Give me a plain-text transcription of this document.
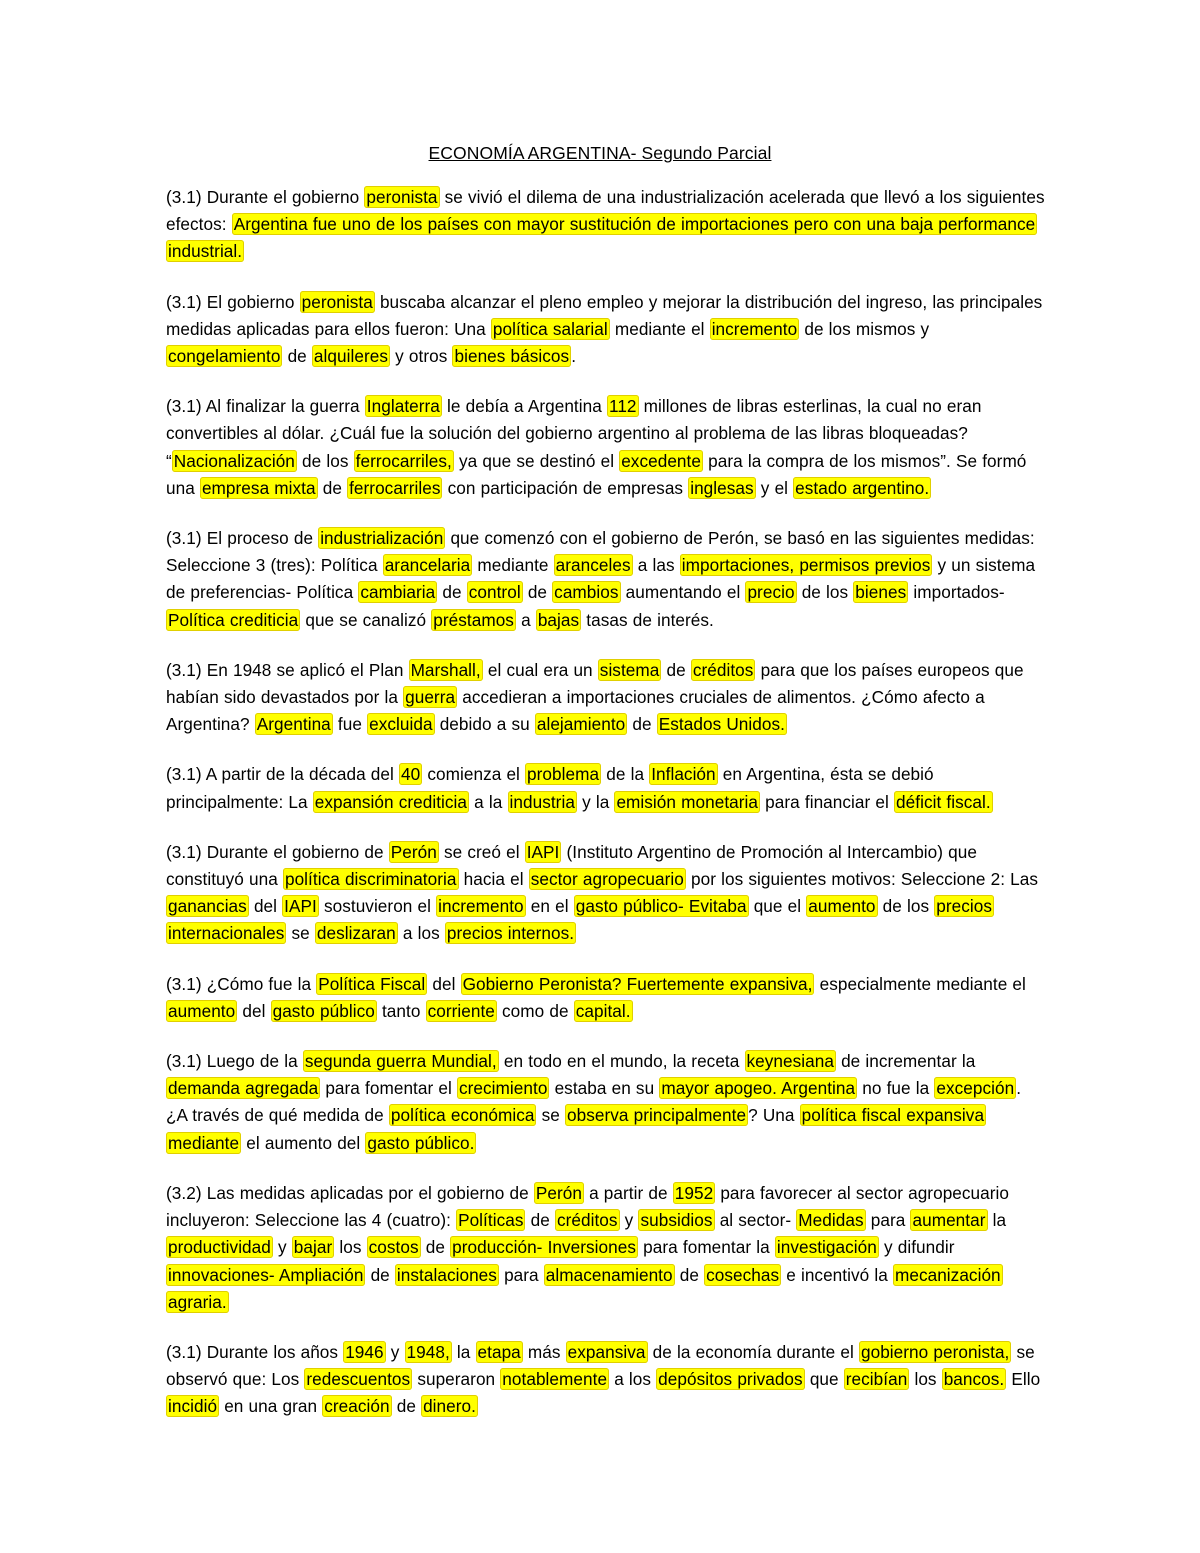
ECONOMÍA ARGENTINA- Segundo Parcial

(3.1) Durante el gobierno peronista se vivió el dilema de una industrialización acelerada que llevó a los siguientes efectos: Argentina fue uno de los países con mayor sustitución de importaciones pero con una baja performance industrial.

(3.1) El gobierno peronista buscaba alcanzar el pleno empleo y mejorar la distribución del ingreso, las principales medidas aplicadas para ellos fueron: Una política salarial mediante el incremento de los mismos y congelamiento de alquileres y otros bienes básicos .

(3.1) Al finalizar la guerra Inglaterra le debía a Argentina 112 millones de libras esterlinas, la cual no eran convertibles al dólar. ¿Cuál fue la solución del gobierno argentino al problema de las libras bloqueadas? “ Nacionalización de los ferrocarriles, ya que se destinó el excedente para la compra de los mismos”. Se formó una empresa mixta de ferrocarriles con participación de empresas inglesas y el estado argentino.

(3.1) El proceso de industrialización que comenzó con el gobierno de Perón, se basó en las siguientes medidas: Seleccione 3 (tres): Política arancelaria mediante aranceles a las importaciones, permisos previos y un sistema de preferencias- Política cambiaria de control de cambios aumentando el precio de los bienes importados- Política crediticia que se canalizó préstamos a bajas tasas de interés.

(3.1) En 1948 se aplicó el Plan Marshall, el cual era un sistema de créditos para que los países europeos que habían sido devastados por la guerra accedieran a importaciones cruciales de alimentos. ¿Cómo afecto a Argentina? Argentina fue excluida debido a su alejamiento de Estados Unidos.

(3.1) A partir de la década del 40 comienza el problema de la Inflación en Argentina, ésta se debió principalmente: La expansión crediticia a la industria y la emisión monetaria para financiar el déficit fiscal.

(3.1) Durante el gobierno de Perón se creó el IAPI (Instituto Argentino de Promoción al Intercambio) que constituyó una política discriminatoria hacia el sector agropecuario por los siguientes motivos: Seleccione 2: Las ganancias del IAPI sostuvieron el incremento en el gasto público- Evitaba que el aumento de los precios internacionales se deslizaran a los precios internos.

(3.1) ¿Cómo fue la Política Fiscal del Gobierno Peronista? Fuertemente expansiva, especialmente mediante el aumento del gasto público tanto corriente como de capital.

(3.1) Luego de la segunda guerra Mundial, en todo en el mundo, la receta keynesiana de incrementar la demanda agregada para fomentar el crecimiento estaba en su mayor apogeo. Argentina no fue la excepción . ¿A través de qué medida de política económica se observa principalmente ? Una política fiscal expansiva mediante el aumento del gasto público.

(3.2) Las medidas aplicadas por el gobierno de Perón a partir de 1952 para favorecer al sector agropecuario incluyeron: Seleccione las 4 (cuatro): Políticas de créditos y subsidios al sector- Medidas para aumentar la productividad y bajar los costos de producción- Inversiones para fomentar la investigación y difundir innovaciones- Ampliación de instalaciones para almacenamiento de cosechas e incentivó la mecanización agraria.

(3.1) Durante los años 1946 y 1948, la etapa más expansiva de la economía durante el gobierno peronista, se observó que: Los redescuentos superaron notablemente a los depósitos privados que recibían los bancos. Ello incidió en una gran creación de dinero.
